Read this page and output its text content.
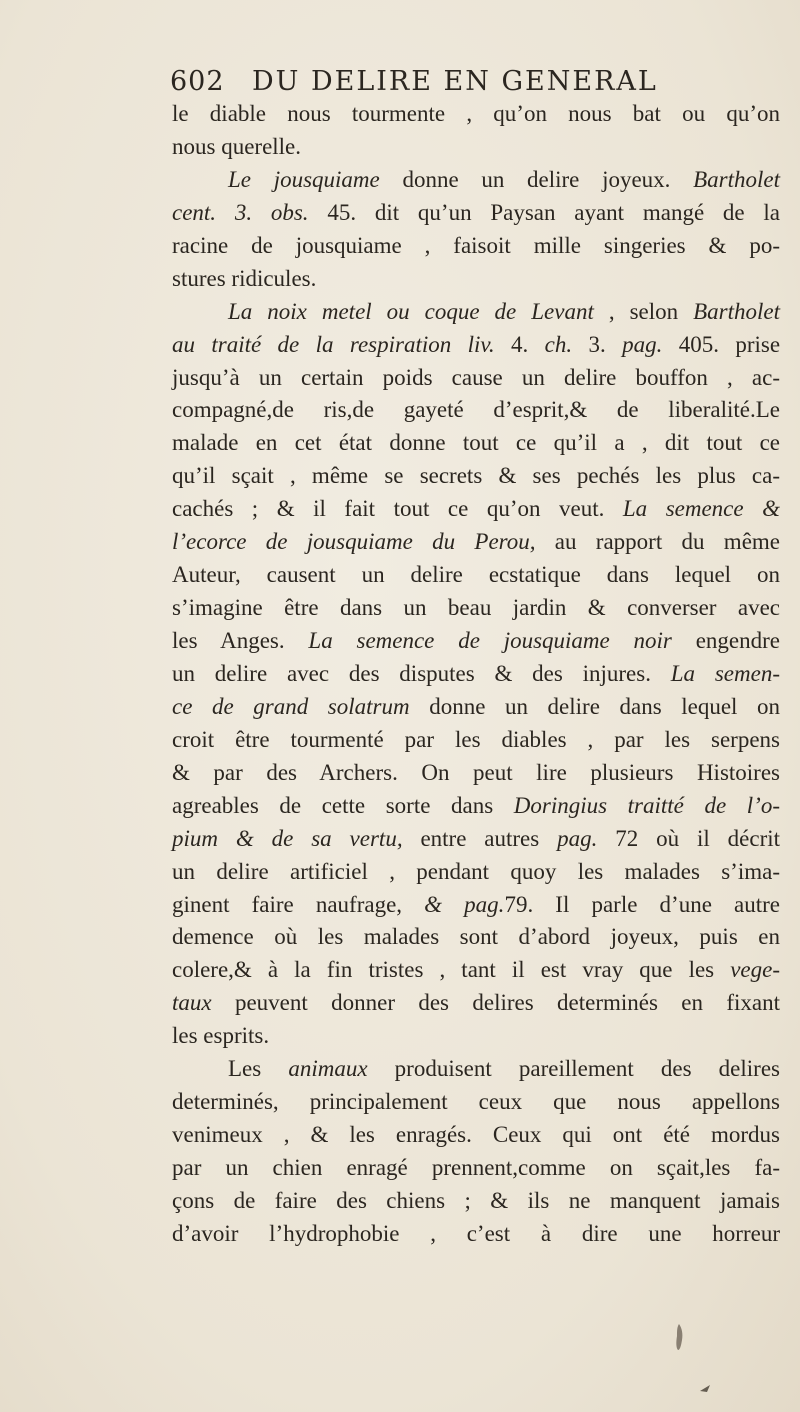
602 DU DELIRE EN GENERAL
le diable nous tourmente , qu’on nous bat ou qu’on
nous querelle.
Le jousquiame donne un delire joyeux. Bartholet
cent. 3. obs. 45. dit qu’un Paysan ayant mangé de la
racine de jousquiame , faisoit mille singeries & po-
stures ridicules.
La noix metel ou coque de Levant , selon Bartholet
au traité de la respiration liv. 4. ch. 3. pag. 405. prise
jusqu’à un certain poids cause un delire bouffon , ac-
compagné,de ris,de gayeté d’esprit,& de liberalité.Le
malade en cet état donne tout ce qu’il a , dit tout ce
qu’il sçait , même se secrets & ses pechés les plus ca-
cachés ; & il fait tout ce qu’on veut. La semence &
l’ecorce de jousquiame du Perou, au rapport du même
Auteur, causent un delire ecstatique dans lequel on
s’imagine être dans un beau jardin & converser avec
les Anges. La semence de jousquiame noir engendre
un delire avec des disputes & des injures. La semen-
ce de grand solatrum donne un delire dans lequel on
croit être tourmenté par les diables , par les serpens
& par des Archers. On peut lire plusieurs Histoires
agreables de cette sorte dans Doringius traitté de l’o-
pium & de sa vertu, entre autres pag. 72 où il décrit
un delire artificiel , pendant quoy les malades s’ima-
ginent faire naufrage, & pag.79. Il parle d’une autre
demence où les malades sont d’abord joyeux, puis en
colere,& à la fin tristes , tant il est vray que les vege-
taux peuvent donner des delires determinés en fixant
les esprits.
Les animaux produisent pareillement des delires
determinés, principalement ceux que nous appellons
venimeux , & les enragés. Ceux qui ont été mordus
par un chien enragé prennent,comme on sçait,les fa-
çons de faire des chiens ; & ils ne manquent jamais
d’avoir l’hydrophobie , c’est à dire une horreur
